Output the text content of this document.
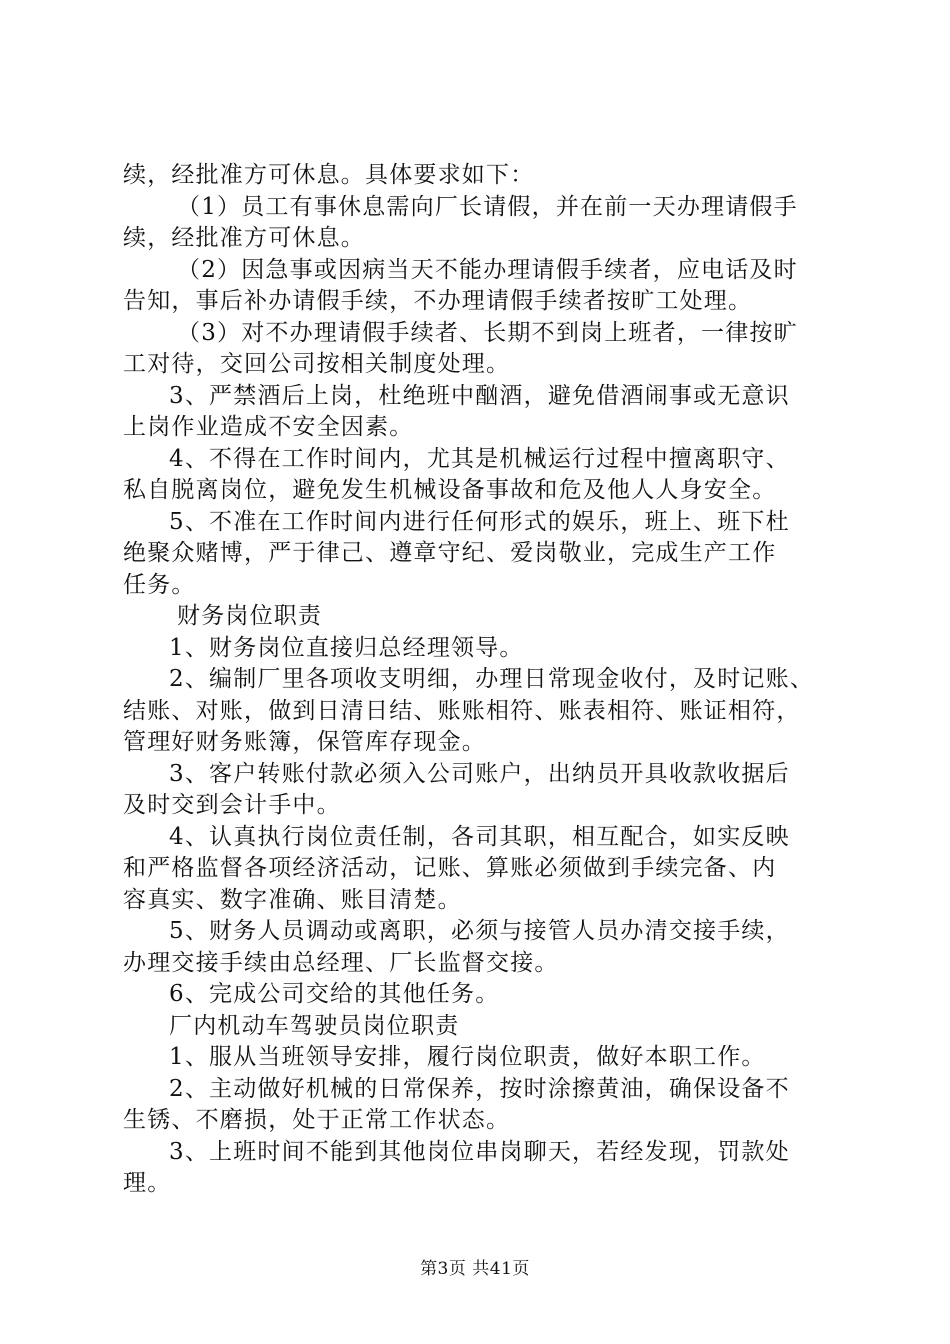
续，经批准方可休息。具体要求如下：
（1）员工有事休息需向厂长请假，并在前一天办理请假手
续，经批准方可休息。
（2）因急事或因病当天不能办理请假手续者，应电话及时
告知，事后补办请假手续，不办理请假手续者按旷工处理。
（3）对不办理请假手续者、长期不到岗上班者，一律按旷
工对待，交回公司按相关制度处理。
3、严禁酒后上岗，杜绝班中酗酒，避免借酒闹事或无意识
上岗作业造成不安全因素。
4、不得在工作时间内，尤其是机械运行过程中擅离职守、
私自脱离岗位，避免发生机械设备事故和危及他人人身安全。
5、不准在工作时间内进行任何形式的娱乐，班上、班下杜
绝聚众赌博，严于律己、遵章守纪、爱岗敬业，完成生产工作
任务。
财务岗位职责
1、财务岗位直接归总经理领导。
2、编制厂里各项收支明细，办理日常现金收付，及时记账、
结账、对账，做到日清日结、账账相符、账表相符、账证相符，
管理好财务账簿，保管库存现金。
3、客户转账付款必须入公司账户，出纳员开具收款收据后
及时交到会计手中。
4、认真执行岗位责任制，各司其职，相互配合，如实反映
和严格监督各项经济活动，记账、算账必须做到手续完备、内
容真实、数字准确、账目清楚。
5、财务人员调动或离职，必须与接管人员办清交接手续，
办理交接手续由总经理、厂长监督交接。
6、完成公司交给的其他任务。
厂内机动车驾驶员岗位职责
1、服从当班领导安排，履行岗位职责，做好本职工作。
2、主动做好机械的日常保养，按时涂擦黄油，确保设备不
生锈、不磨损，处于正常工作状态。
3、上班时间不能到其他岗位串岗聊天，若经发现，罚款处
理。
第3页 共41页
